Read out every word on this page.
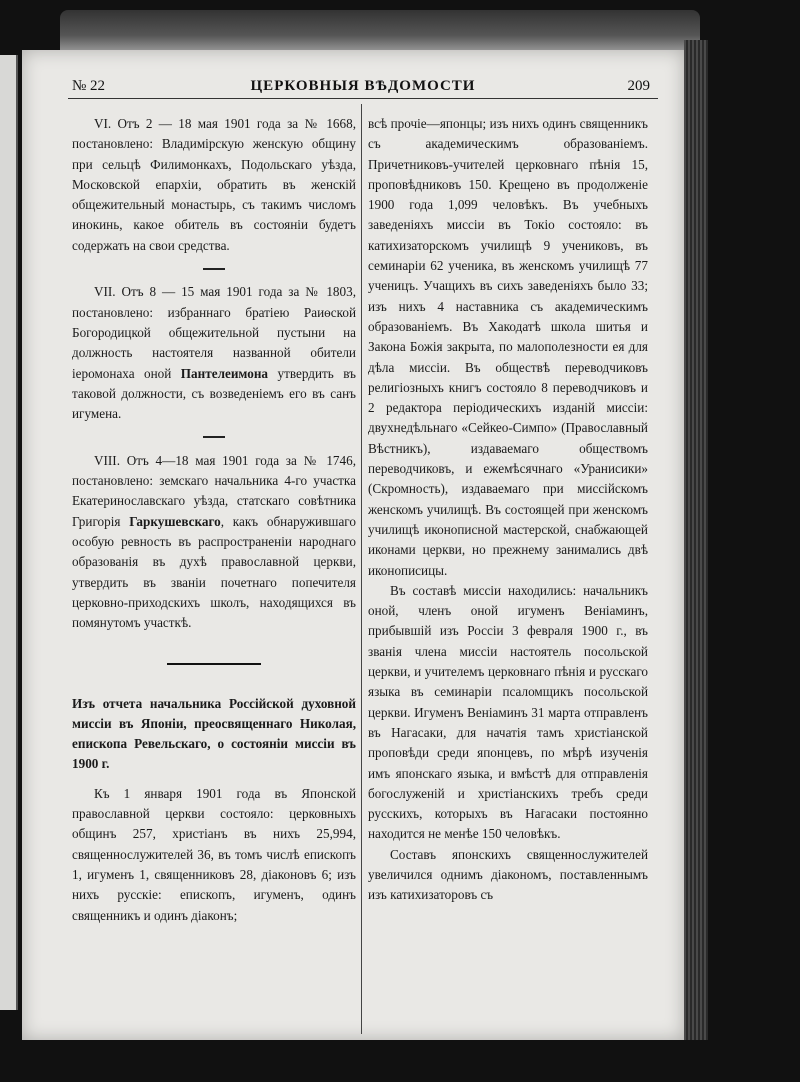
№ 22	ЦЕРКОВНЫЯ ВѢДОМОСТИ	209

VI. Отъ 2 — 18 мая 1901 года за № 1668, постановлено: Владимірскую женскую общину при сельцѣ Филимонкахъ, Подольскаго уѣзда, Московской епархіи, обратить въ женскій общежительный монастырь, съ такимъ числомъ инокинь, какое обитель въ состояніи будетъ содержать на свои средства.

VII. Отъ 8 — 15 мая 1901 года за № 1803, постановлено: избраннаго братіею Раиѳской Богородицкой общежительной пустыни на должность настоятеля названной обители іеромонаха оной Пантелеимона утвердить въ таковой должности, съ возведеніемъ его въ санъ игумена.

VIII. Отъ 4—18 мая 1901 года за № 1746, постановлено: земскаго начальника 4-го участка Екатеринославскаго уѣзда, статскаго совѣтника Григорія Гаркушевскаго, какъ обнаружившаго особую ревность въ распространеніи народнаго образованія въ духѣ православной церкви, утвердить въ званіи почетнаго попечителя церковно-приходскихъ школъ, находящихся въ помянутомъ участкѣ.

Изъ отчета начальника Россійской духовной миссіи въ Японіи, преосвященнаго Николая, епископа Ревельскаго, о состояніи миссіи въ 1900 г.

Къ 1 января 1901 года въ Японской православной церкви состояло: церковныхъ общинъ 257, христіанъ въ нихъ 25,994, священнослужителей 36, въ томъ числѣ епископъ 1, игуменъ 1, священниковъ 28, діаконовъ 6; изъ нихъ русскіе: епископъ, игуменъ, одинъ священникъ и одинъ діаконъ;

всѣ прочіе—японцы; изъ нихъ одинъ священникъ съ академическимъ образованіемъ. Причетниковъ-учителей церковнаго пѣнія 15, проповѣдниковъ 150. Крещено въ продолженіе 1900 года 1,099 человѣкъ. Въ учебныхъ заведеніяхъ миссіи въ Токіо состояло: въ катихизаторскомъ училищѣ 9 учениковъ, въ семинаріи 62 ученика, въ женскомъ училищѣ 77 ученицъ. Учащихъ въ сихъ заведеніяхъ было 33; изъ нихъ 4 наставника съ академическимъ образованіемъ. Въ Хакодатѣ школа шитья и Закона Божія закрыта, по малополезности ея для дѣла миссіи. Въ обществѣ переводчиковъ религіозныхъ книгъ состояло 8 переводчиковъ и 2 редактора періодическихъ изданій миссіи: двухнедѣльнаго «Сейкео-Симпо» (Православный Вѣстникъ), издаваемаго обществомъ переводчиковъ, и ежемѣсячнаго «Уранисики» (Скромность), издаваемаго при миссійскомъ женскомъ училищѣ. Въ состоящей при женскомъ училищѣ иконописной мастерской, снабжающей иконами церкви, но прежнему занимались двѣ иконописицы.

Въ составѣ миссіи находились: начальникъ оной, членъ оной игуменъ Веніаминъ, прибывшій изъ Россіи 3 февраля 1900 г., въ званія члена миссіи настоятель посольской церкви, и учителемъ церковнаго пѣнія и русскаго языка въ семинаріи псаломщикъ посольской церкви. Игуменъ Веніаминъ 31 марта отправленъ въ Нагасаки, для начатія тамъ христіанской проповѣди среди японцевъ, по мѣрѣ изученія имъ японскаго языка, и вмѣстѣ для отправленія богослуженій и христіанскихъ требъ среди русскихъ, которыхъ въ Нагасаки постоянно находится не менѣе 150 человѣкъ.

Составъ японскихъ священнослужителей увеличился однимъ діакономъ, поставленнымъ изъ катихизаторовъ съ
